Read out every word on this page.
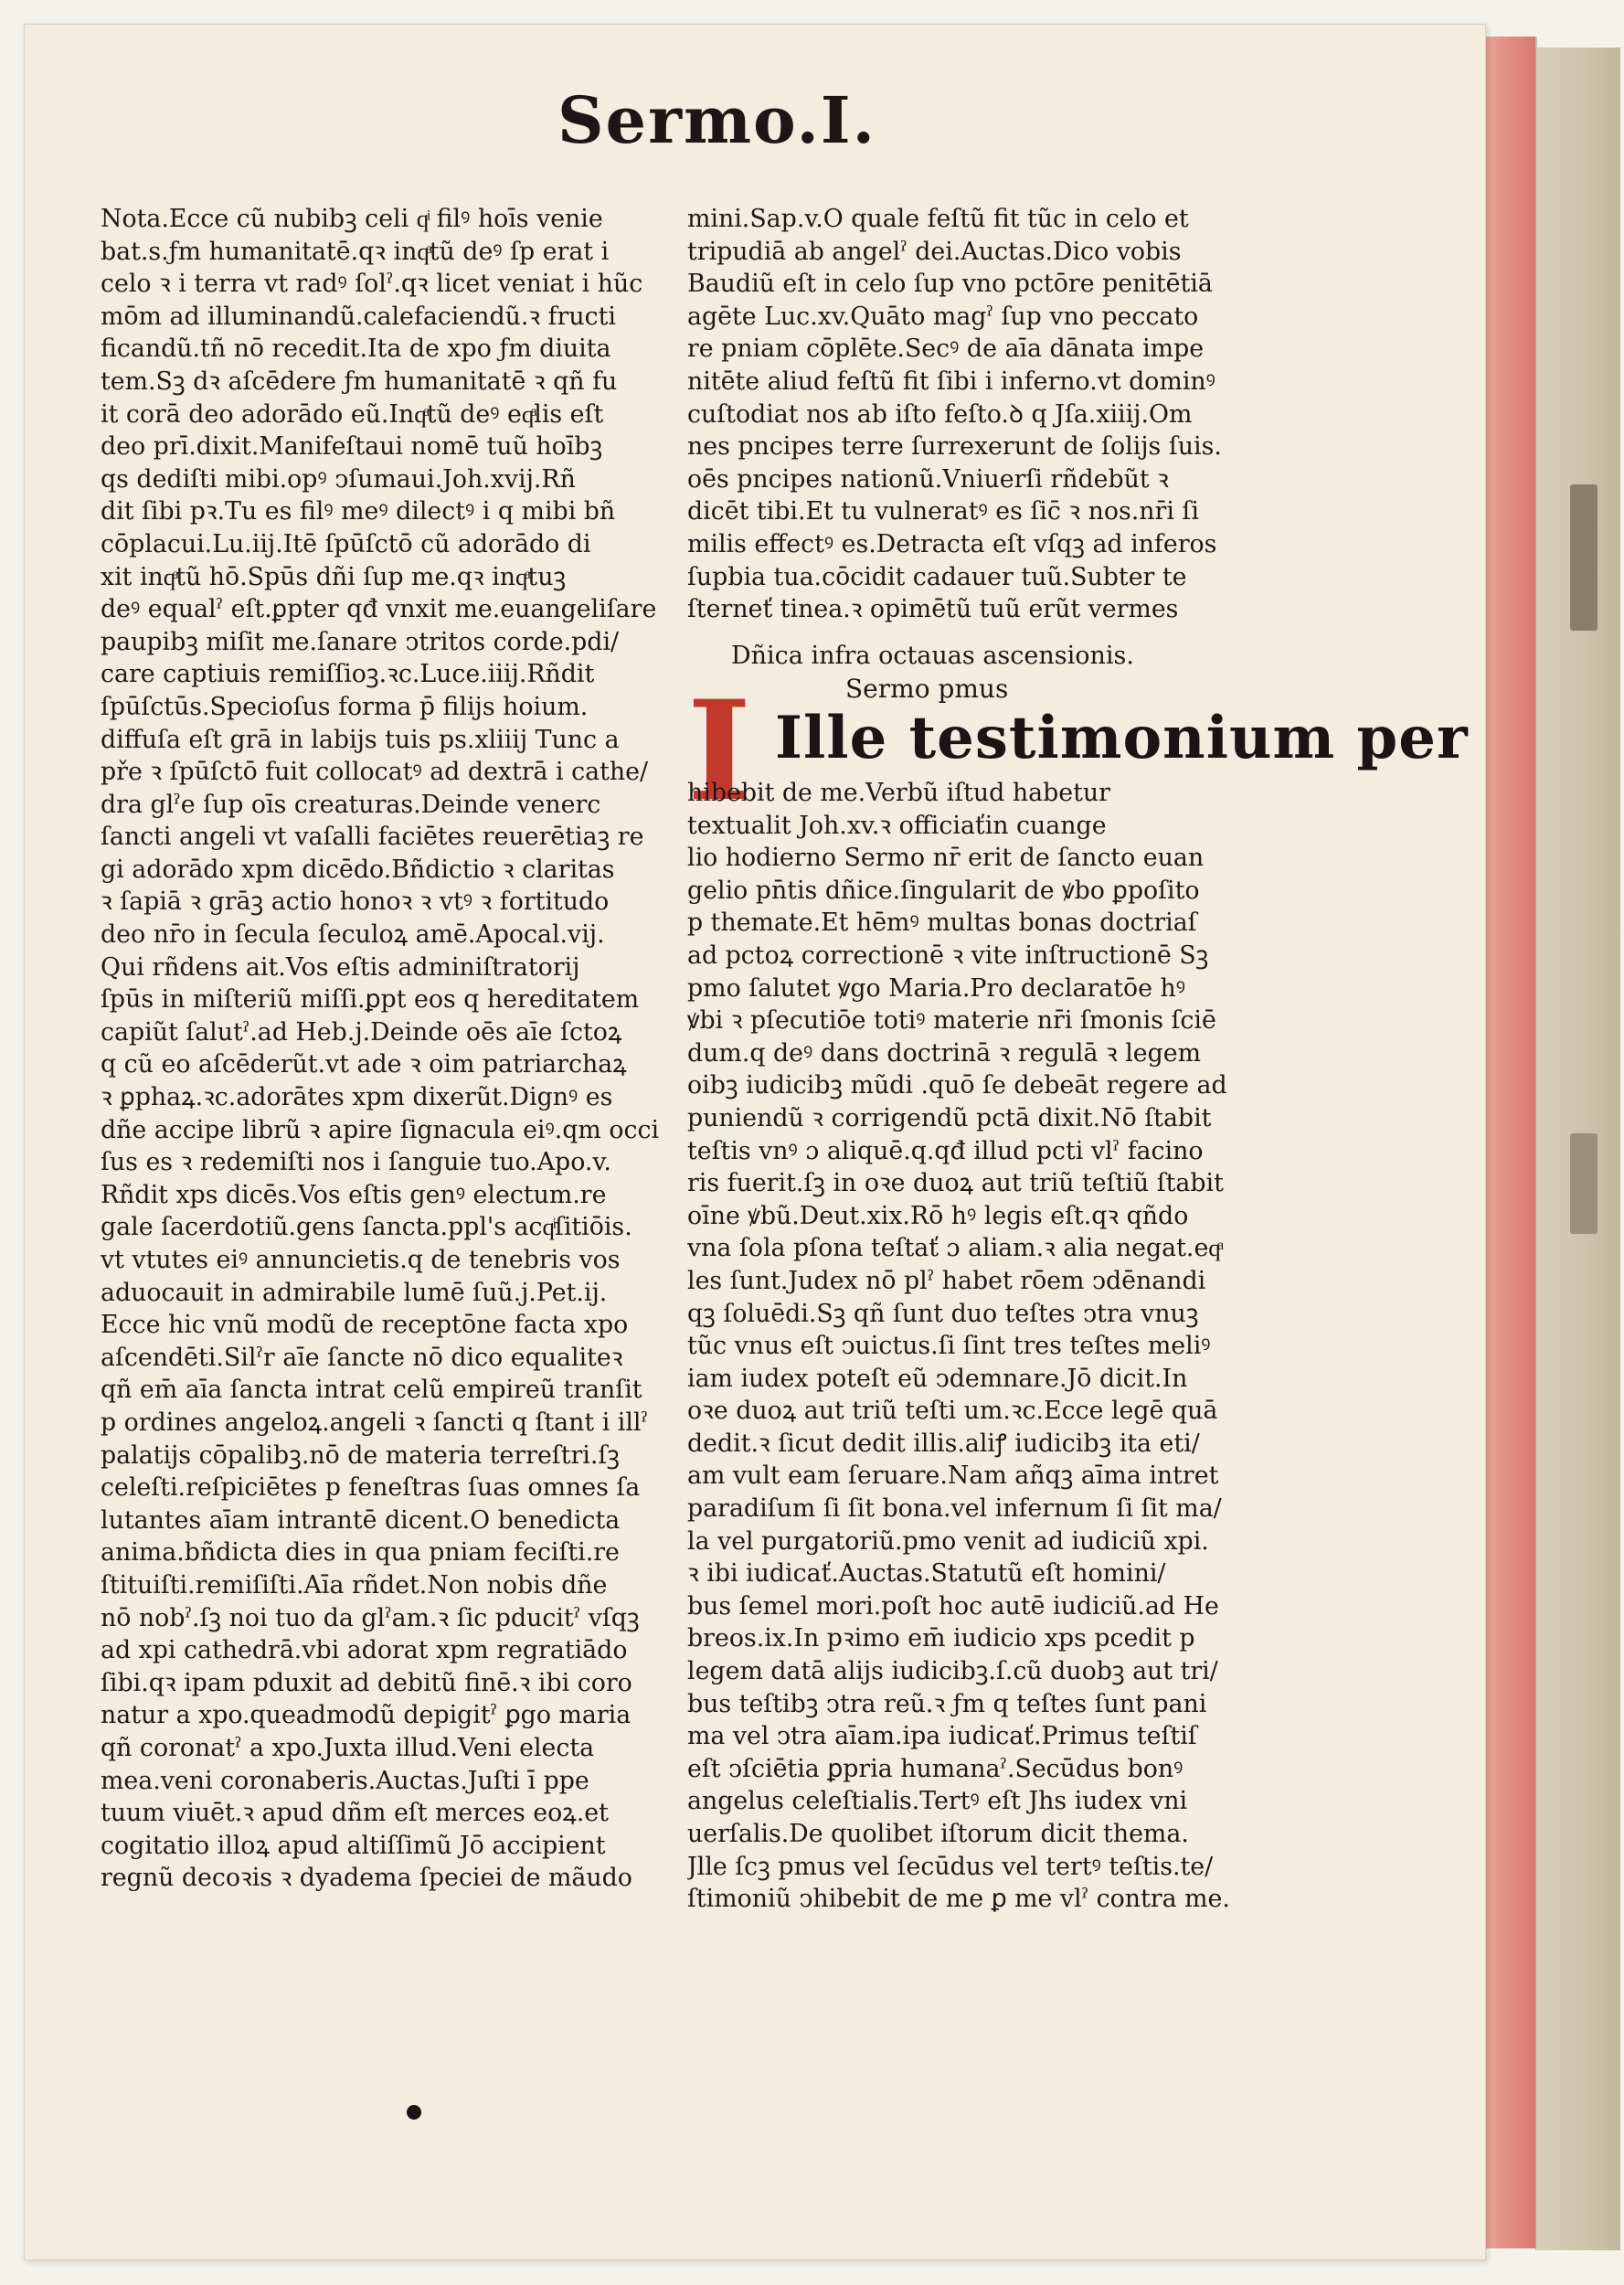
Sermo.I.
Nota.Ecce cũ nubibꝫ celi qͥ filꝰ hoīs venie
bat.s.ƒm humanitatē.qꝛ inqͣtũ deꝰ ſp erat i
celo ꝛ i terra vt radꝰ ſolˀ.qꝛ licet veniat i hũc
mōm ad illuminandũ.calefaciendũ.ꝛ fructi
ficandũ.tñ nō recedit.Ita de xpo ƒm diuita
tem.Sꝫ dꝛ aſcēdere ƒm humanitatē ꝛ qñ fu
it corā deo adorādo eũ.Inqͣtũ deꝰ eqͣlis eſt
deo prī.dixit.Manifeſtaui nomē tuũ hoībꝫ
qs dediſti mibi.opꝰ ↄſumaui.Joh.xvij.Rñ
dit ſibi pꝛ.Tu es filꝰ meꝰ dilectꝰ i q mibi bñ
cōplacui.Lu.iij.Itē ſpūſctō cũ adorādo di
xit inqͣtũ hō.Spūs dñi ſup me.qꝛ inqͣtuꝫ
deꝰ equalˀ eſt.ꝑpter qđ vnxit me.euangeliſare
paupibꝫ miſit me.ſanare ↄtritos corde.pdi/
care captiuis remiſſioꝫ.ꝛc.Luce.iiij.Rñdit
ſpūſctūs.Specioſus forma p̄ filijs hoium.
diffuſa eſt grā in labijs tuis ps.xliiij Tunc a
pře ꝛ ſpūſctō fuit collocatꝰ ad dextrā i cathe/
dra glˀe ſup oīs creaturas.Deinde venerc
ſancti angeli vt vaſalli faciētes reuerētiaꝫ re
gi adorādo xpm dicēdo.Bñdictio ꝛ claritas
ꝛ ſapiā ꝛ grāꝫ actio honoꝛ ꝛ vtꝰ ꝛ fortitudo
deo nr̄o in ſecula ſeculoꝝ amē.Apocal.vij.
Qui rñdens ait.Vos eſtis adminiſtratorij
ſpūs in miſteriũ miſſi.ꝑpt eos q hereditatem
capiũt ſalutˀ.ad Heb.j.Deinde oēs aīe ſctoꝝ
q cũ eo aſcēderũt.vt ade ꝛ oim patriarchaꝝ
ꝛ ꝑphaꝝ.ꝛc.adorātes xpm dixerũt.Dignꝰ es
dñe accipe librũ ꝛ apire ſignacula eiꝰ.qm occi
ſus es ꝛ redemiſti nos i ſanguie tuo.Apo.v.
Rñdit xps dicēs.Vos eſtis genꝰ electum.re
gale ſacerdotiũ.gens ſancta.ppl's acqͥſitiōis.
vt vtutes eiꝰ annuncietis.q de tenebris vos
aduocauit in admirabile lumē ſuũ.j.Pet.ij.
Ecce hic vnũ modũ de receptōne facta xpo
aſcendēti.Silˀr aīe ſancte nō dico equaliteꝛ
qñ em̄ aīa ſancta intrat celũ empireũ tranſit
p ordines angeloꝝ.angeli ꝛ ſancti q ſtant i illˀ
palatijs cōpalibꝫ.nō de materia terreſtri.ſꝫ
celeſti.reſpiciētes p feneſtras ſuas omnes ſa
lutantes aīam intrantē dicent.O benedicta
anima.bñdicta dies in qua pniam feciſti.re
ſtituiſti.remiſiſti.Aīa rñdet.Non nobis dñe
nō nobˀ.ſꝫ noi tuo da glˀam.ꝛ ſic pducitˀ vſqꝫ
ad xpi cathedrā.vbi adorat xpm regratiādo
ſibi.qꝛ ipam pduxit ad debitũ finē.ꝛ ibi coro
natur a xpo.queadmodũ depigitˀ ꝑgo maria
qñ coronatˀ a xpo.Juxta illud.Veni electa
mea.veni coronaberis.Auctas.Juſti ī ppe
tuum viuēt.ꝛ apud dñm eſt merces eoꝝ.et
cogitatio illoꝝ apud altiſſimũ Jō accipient
regnũ decoꝛis ꝛ dyadema ſpeciei de mãudo
mini.Sap.v.O quale feſtũ fit tũc in celo et
tripudiā ab angelˀ dei.Auctas.Dico vobis
Baudiũ eſt in celo ſup vno pctōre penitētiā
agēte Luc.xv.Quāto magˀ ſup vno peccato
re pniam cōplēte.Secꝰ de aīa dānata impe
nitēte aliud feſtũ fit ſibi i inferno.vt dominꝰ
cuſtodiat nos ab iſto feſto.ꝺ q Jſa.xiiij.Om
nes pncipes terre ſurrexerunt de ſolijs ſuis.
oēs pncipes nationũ.Vniuerſi rñdebũt ꝛ
dicēt tibi.Et tu vulneratꝰ es ſic̄ ꝛ nos.nr̄i ſi
milis effectꝰ es.Detracta eſt vſqꝫ ad inferos
ſupbia tua.cōcidit cadauer tuũ.Subter te
ſterneť tinea.ꝛ opimētũ tuũ erũt vermes
Dñica infra octauas ascensionis.
Sermo pmus
I Ille testimonium per
hibebit de me.Verbũ iſtud habetur
textualit Joh.xv.ꝛ officiaťin cuange
lio hodierno Sermo nr̄ erit de ſancto euan
gelio pn̄tis dñice.ſingularit de ꝟbo ꝑpoſito
p themate.Et hēmꝰ multas bonas doctriaſ
ad pctoꝝ correctionē ꝛ vite inſtructionē Sꝫ
pmo ſalutet ꝟgo Maria.Pro declaratōe hꝰ
ꝟbi ꝛ pſecutiōe totiꝰ materie nr̄i ſmonis ſciē
dum.q deꝰ dans doctrinā ꝛ regulā ꝛ legem
oibꝫ iudicibꝫ mũdi .quō ſe debeāt regere ad
puniendũ ꝛ corrigendũ pctā dixit.Nō ſtabit
teſtis vnꝰ ɔ aliquē.q.qđ illud pcti vlˀ facino
ris fuerit.ſꝫ in oꝛe duoꝝ aut triũ teſtiũ ſtabit
oīne ꝟbũ.Deut.xix.Rō hꝰ legis eſt.qꝛ qñdo
vna ſola pſona teſtať ɔ aliam.ꝛ alia negat.eqͣ
les ſunt.Judex nō plˀ habet rōem ↄdēnandi
qꝫ ſoluēdi.Sꝫ qñ ſunt duo teſtes ↄtra vnuꝫ
tũc vnus eſt ↄuictus.ſi ſint tres teſtes meliꝰ
iam iudex poteſt eũ ↄdemnare.Jō dicit.In
oꝛe duoꝝ aut triũ teſti um.ꝛc.Ecce legē quā
dedit.ꝛ ſicut dedit illis.aliꝭ iudicibꝫ ita eti/
am vult eam ſeruare.Nam añqꝫ aīma intret
paradiſum ſi ſit bona.vel infernum ſi ſit ma/
la vel purgatoriũ.pmo venit ad iudiciũ xpi.
ꝛ ibi iudicať.Auctas.Statutũ eſt homini/
bus ſemel mori.poſt hoc autē iudiciũ.ad He
breos.ix.In pꝛimo em̄ iudicio xps pcedit p
legem datā alijs iudicibꝫ.ſ.cũ duobꝫ aut tri/
bus teſtibꝫ ↄtra reũ.ꝛ ƒm q teſtes ſunt pani
ma vel ↄtra aīam.ipa iudicať.Primus teſtiſ
eſt ↄſciētia ꝑpria humanaˀ.Secūdus bonꝰ
angelus celeſtialis.Tertꝰ eſt Jhs iudex vni
uerſalis.De quolibet iſtorum dicit thema.
Jlle ſcꝫ pmus vel ſecūdus vel tertꝰ teſtis.te/
ſtimoniũ ↄhibebit de me ꝑ me vlˀ contra me.
